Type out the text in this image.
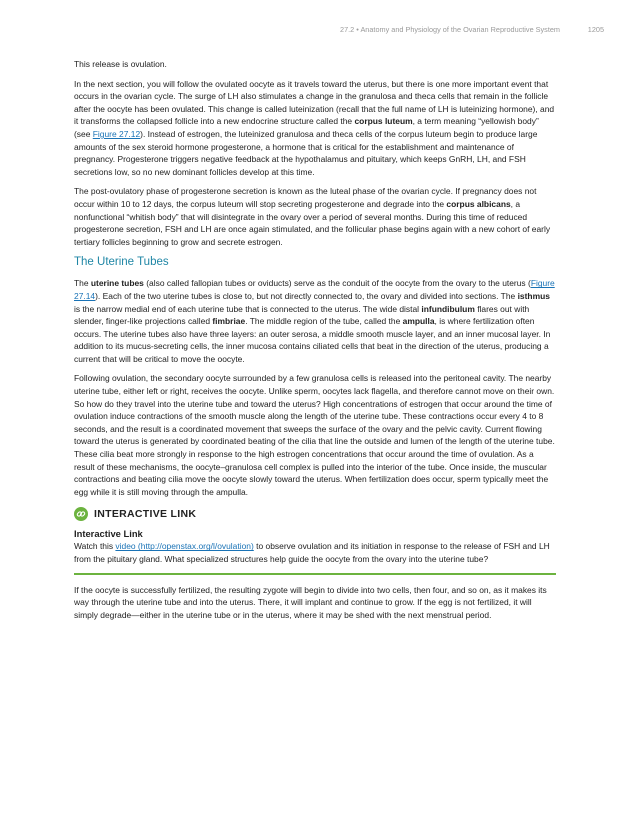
27.2 • Anatomy and Physiology of the Ovarian Reproductive System	1205

This release is ovulation.

In the next section, you will follow the ovulated oocyte as it travels toward the uterus, but there is one more important event that occurs in the ovarian cycle. The surge of LH also stimulates a change in the granulosa and theca cells that remain in the follicle after the oocyte has been ovulated. This change is called luteinization (recall that the full name of LH is luteinizing hormone), and it transforms the collapsed follicle into a new endocrine structure called the corpus luteum, a term meaning “yellowish body” (see Figure 27.12). Instead of estrogen, the luteinized granulosa and theca cells of the corpus luteum begin to produce large amounts of the sex steroid hormone progesterone, a hormone that is critical for the establishment and maintenance of pregnancy. Progesterone triggers negative feedback at the hypothalamus and pituitary, which keeps GnRH, LH, and FSH secretions low, so no new dominant follicles develop at this time.

The post-ovulatory phase of progesterone secretion is known as the luteal phase of the ovarian cycle. If pregnancy does not occur within 10 to 12 days, the corpus luteum will stop secreting progesterone and degrade into the corpus albicans, a nonfunctional “whitish body” that will disintegrate in the ovary over a period of several months. During this time of reduced progesterone secretion, FSH and LH are once again stimulated, and the follicular phase begins again with a new cohort of early tertiary follicles beginning to grow and secrete estrogen.

The Uterine Tubes

The uterine tubes (also called fallopian tubes or oviducts) serve as the conduit of the oocyte from the ovary to the uterus (Figure 27.14). Each of the two uterine tubes is close to, but not directly connected to, the ovary and divided into sections. The isthmus is the narrow medial end of each uterine tube that is connected to the uterus. The wide distal infundibulum flares out with slender, finger-like projections called fimbriae. The middle region of the tube, called the ampulla, is where fertilization often occurs. The uterine tubes also have three layers: an outer serosa, a middle smooth muscle layer, and an inner mucosal layer. In addition to its mucus-secreting cells, the inner mucosa contains ciliated cells that beat in the direction of the uterus, producing a current that will be critical to move the oocyte.

Following ovulation, the secondary oocyte surrounded by a few granulosa cells is released into the peritoneal cavity. The nearby uterine tube, either left or right, receives the oocyte. Unlike sperm, oocytes lack flagella, and therefore cannot move on their own. So how do they travel into the uterine tube and toward the uterus? High concentrations of estrogen that occur around the time of ovulation induce contractions of the smooth muscle along the length of the uterine tube. These contractions occur every 4 to 8 seconds, and the result is a coordinated movement that sweeps the surface of the ovary and the pelvic cavity. Current flowing toward the uterus is generated by coordinated beating of the cilia that line the outside and lumen of the length of the uterine tube. These cilia beat more strongly in response to the high estrogen concentrations that occur around the time of ovulation. As a result of these mechanisms, the oocyte–granulosa cell complex is pulled into the interior of the tube. Once inside, the muscular contractions and beating cilia move the oocyte slowly toward the uterus. When fertilization does occur, sperm typically meet the egg while it is still moving through the ampulla.

INTERACTIVE LINK
Interactive Link

Watch this video (http://openstax.org/l/ovulation) to observe ovulation and its initiation in response to the release of FSH and LH from the pituitary gland. What specialized structures help guide the oocyte from the ovary into the uterine tube?

If the oocyte is successfully fertilized, the resulting zygote will begin to divide into two cells, then four, and so on, as it makes its way through the uterine tube and into the uterus. There, it will implant and continue to grow. If the egg is not fertilized, it will simply degrade—either in the uterine tube or in the uterus, where it may be shed with the next menstrual period.
